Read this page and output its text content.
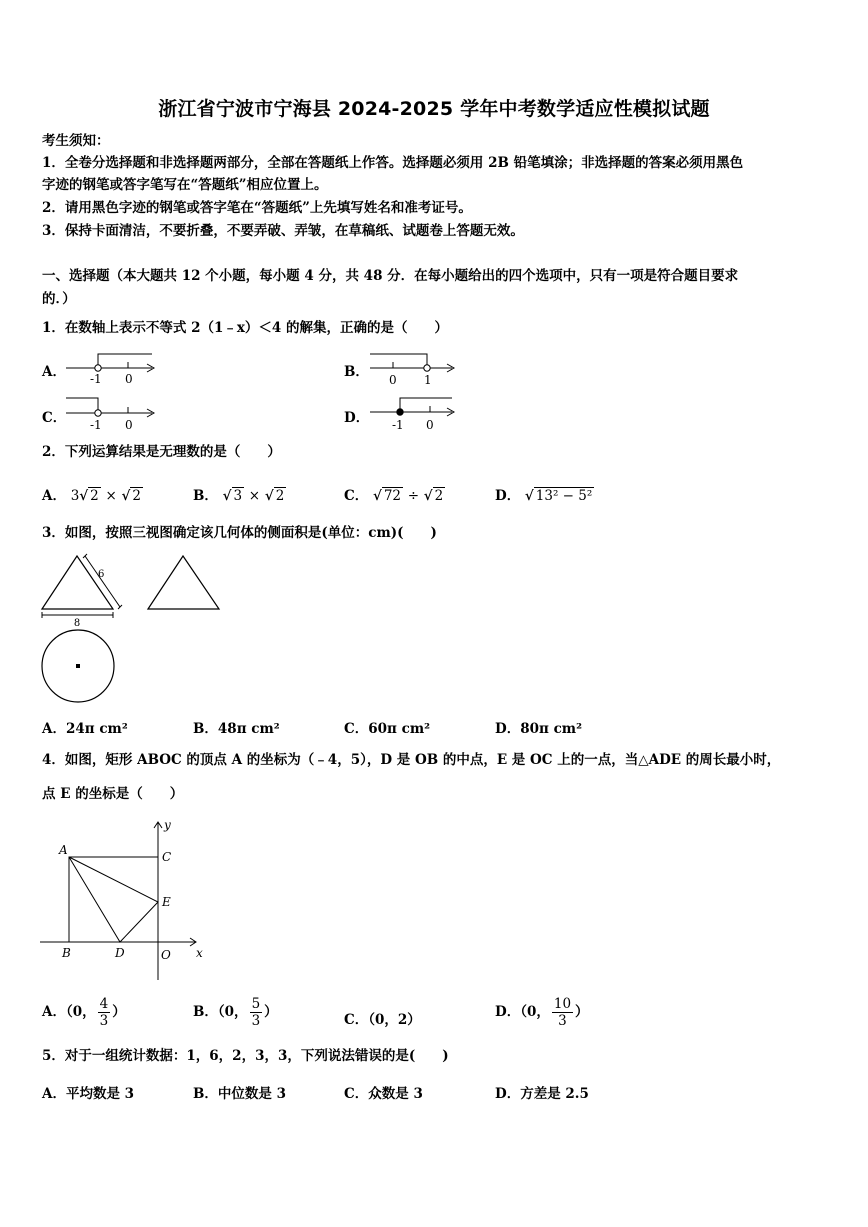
浙江省宁波市宁海县 2024-2025 学年中考数学适应性模拟试题
考生须知：
1．全卷分选择题和非选择题两部分，全部在答题纸上作答。选择题必须用 2B 铅笔填涂；非选择题的答案必须用黑色
字迹的钢笔或答字笔写在“答题纸”相应位置上。
2．请用黑色字迹的钢笔或答字笔在“答题纸”上先填写姓名和准考证号。
3．保持卡面清洁，不要折叠，不要弄破、弄皱，在草稿纸、试题卷上答题无效。
一、选择题（本大题共 12 个小题，每小题 4 分，共 48 分．在每小题给出的四个选项中，只有一项是符合题目要求
的．）
1．在数轴上表示不等式 2（1﹣x）＜4 的解集，正确的是（　　）
A． -1 0	B． 0 1
C． -1 0	D． -1 0
2．下列运算结果是无理数的是（　　）
A． 3√ 2 × √ 2	B． √ 3 × √ 2	C． √ 72 ÷ √ 2	D． √ 13² − 5²
3．如图，按照三视图确定该几何体的侧面积是(单位：cm)(　　)
6
8
A．24π cm²	B．48π cm²	C．60π cm²	D．80π cm²
4．如图，矩形 ABOC 的顶点 A 的坐标为（﹣4，5），D 是 OB 的中点，E 是 OC 上的一点，当△ADE 的周长最小时，
点 E 的坐标是（　　）
A	C
E
B	D	O x
y
A．（0， $\frac{4}{3}$ ）	B．（0， $\frac{5}{3}$ ）	C．（0，2）	D．（0， $\frac{10}{3}$ ）
5．对于一组统计数据：1，6，2，3，3，下列说法错误的是(　　)
A．平均数是 3	B．中位数是 3	C．众数是 3	D．方差是 2.5
